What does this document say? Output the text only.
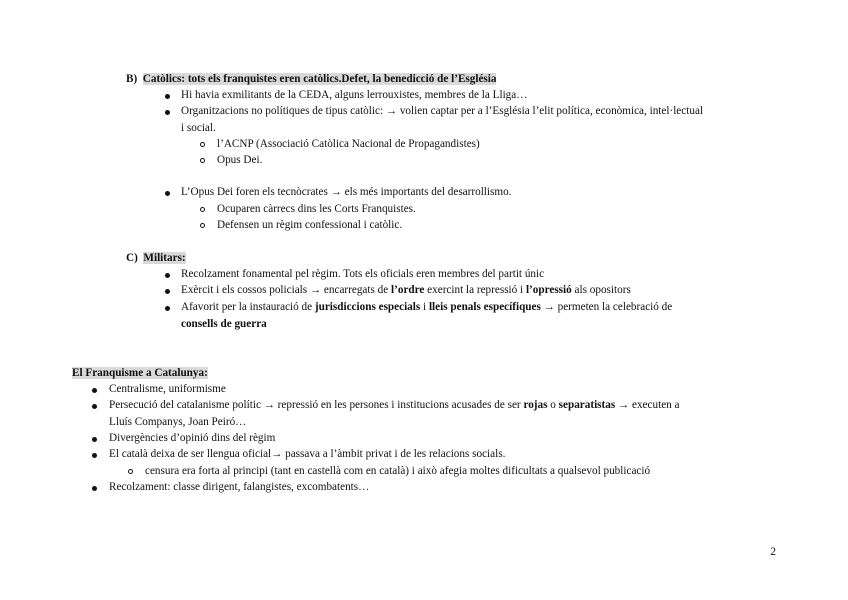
B) Catòlics: tots els franquistes eren catòlics.Defet, la benedicció de l’Església
Hi havia exmilitants de la CEDA, alguns lerrouxistes, membres de la Lliga…
Organitzacions no polítiques de tipus catòlic: → volien captar per a l’Església l’elit política, econòmica, intel·lectual
i social.
l’ACNP (Associació Catòlica Nacional de Propagandistes)
Opus Dei.
L’Opus Dei foren els tecnòcrates → els més importants del desarrollismo.
Ocuparen càrrecs dins les Corts Franquistes.
Defensen un règim confessional i catòlic.
C) Militars:
Recolzament fonamental pel règim. Tots els oficials eren membres del partit únic
Exèrcit i els cossos policials → encarregats de l’ordre exercint la repressió i l’opressió als opositors
Afavorit per la instauració de jurisdiccions especials i lleis penals específiques → permeten la celebració de
consells de guerra
El Franquisme a Catalunya:
Centralisme, uniformisme
Persecució del catalanisme polític → repressió en les persones i institucions acusades de ser rojas o separatistas → executen a
Lluís Companys, Joan Peiró…
Divergències d’opinió dins del règim
El català deixa de ser llengua oficial→ passava a l’àmbit privat i de les relacions socials.
censura era forta al principi (tant en castellà com en català) i això afegia moltes dificultats a qualsevol publicació
Recolzament: classe dirigent, falangistes, excombatents…
2
